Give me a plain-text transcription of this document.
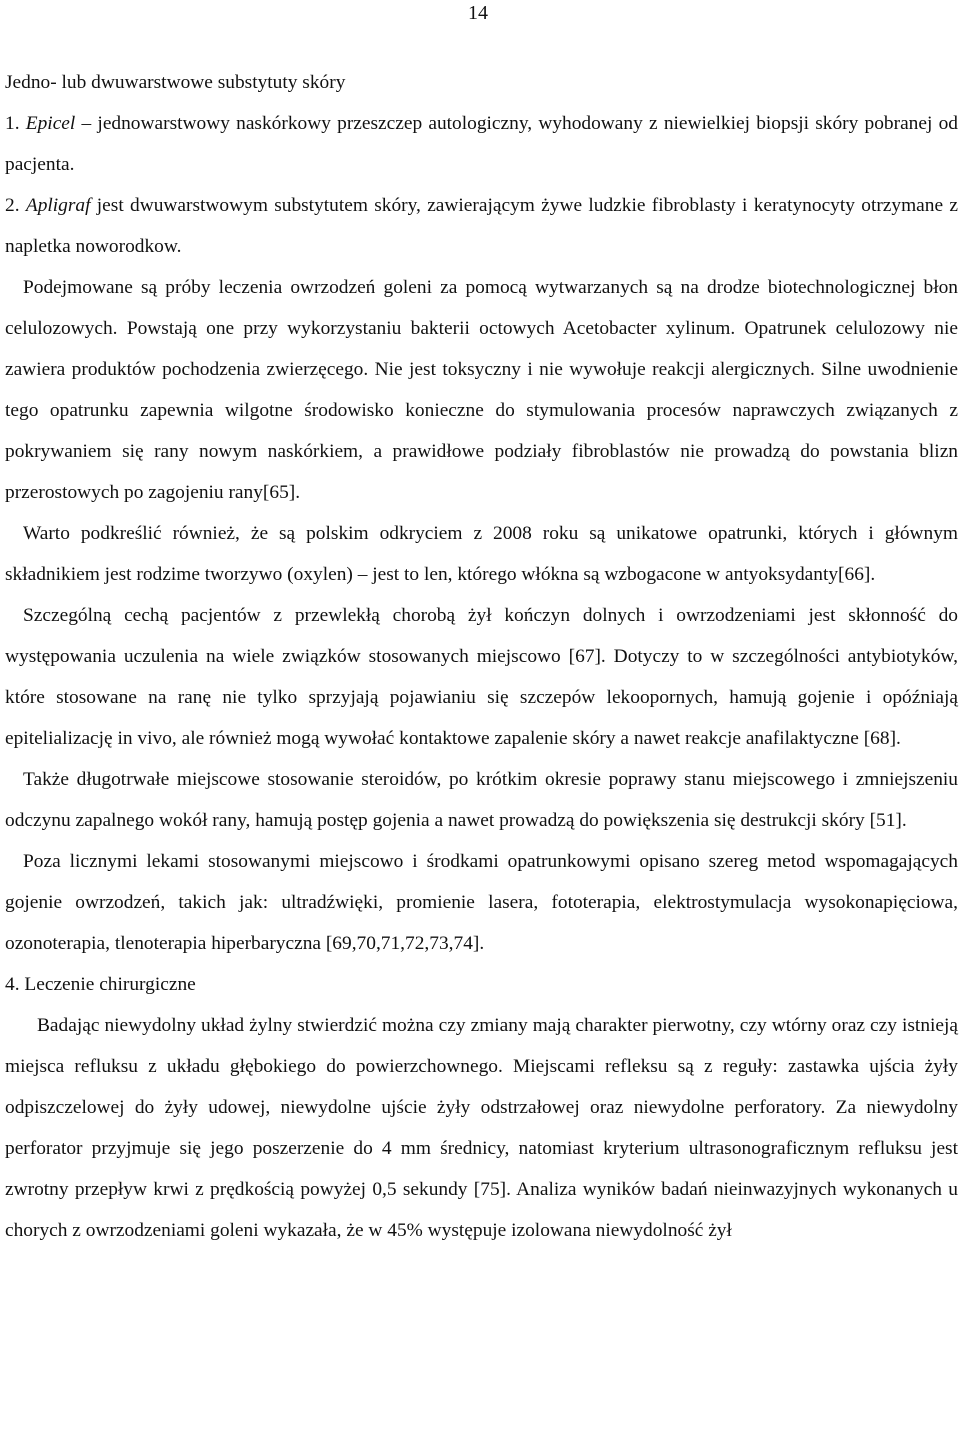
14

Jedno- lub dwuwarstwowe substytuty skóry

1. Epicel – jednowarstwowy naskórkowy przeszczep autologiczny, wyhodowany z niewielkiej biopsji skóry pobranej od pacjenta.

2. Apligraf jest dwuwarstwowym substytutem skóry, zawierającym żywe ludzkie fibroblasty i keratynocyty otrzymane z napletka noworodkow.

Podejmowane są próby leczenia owrzodzeń goleni za pomocą wytwarzanych są na drodze biotechnologicznej błon celulozowych. Powstają one przy wykorzystaniu bakterii octowych Acetobacter xylinum. Opatrunek celulozowy nie zawiera produktów pochodzenia zwierzęcego. Nie jest toksyczny i nie wywołuje reakcji alergicznych. Silne uwodnienie tego opatrunku zapewnia wilgotne środowisko konieczne do stymulowania procesów naprawczych związanych z pokrywaniem się rany nowym naskórkiem, a prawidłowe podziały fibroblastów nie prowadzą do powstania blizn przerostowych po zagojeniu rany[65].

Warto podkreślić również, że są polskim odkryciem z 2008 roku są unikatowe opatrunki, których i głównym składnikiem jest rodzime tworzywo (oxylen) – jest to len, którego włókna są wzbogacone w antyoksydanty[66].

Szczególną cechą pacjentów z przewlekłą chorobą żył kończyn dolnych i owrzodzeniami jest skłonność do występowania uczulenia na wiele związków stosowanych miejscowo [67]. Dotyczy to w szczególności antybiotyków, które stosowane na ranę nie tylko sprzyjają pojawianiu się szczepów lekoopornych, hamują gojenie i opóźniają epitelializację in vivo, ale również mogą wywołać kontaktowe zapalenie skóry a nawet reakcje anafilaktyczne [68].

Także długotrwałe miejscowe stosowanie steroidów, po krótkim okresie poprawy stanu miejscowego i zmniejszeniu odczynu zapalnego wokół rany, hamują postęp gojenia a nawet prowadzą do powiększenia się destrukcji skóry [51].

Poza licznymi lekami stosowanymi miejscowo i środkami opatrunkowymi opisano szereg metod wspomagających gojenie owrzodzeń, takich jak: ultradźwięki, promienie lasera, fototerapia, elektrostymulacja wysokonapięciowa, ozonoterapia, tlenoterapia hiperbaryczna [69,70,71,72,73,74].

4. Leczenie chirurgiczne

Badając niewydolny układ żylny stwierdzić można czy zmiany mają charakter pierwotny, czy wtórny oraz czy istnieją miejsca refluksu z układu głębokiego do powierzchownego. Miejscami refleksu są z reguły: zastawka ujścia żyły odpiszczelowej do żyły udowej, niewydolne ujście żyły odstrzałowej oraz niewydolne perforatory. Za niewydolny perforator przyjmuje się jego poszerzenie do 4 mm średnicy, natomiast kryterium ultrasonograficznym refluksu jest zwrotny przepływ krwi z prędkością powyżej 0,5 sekundy [75]. Analiza wyników badań nieinwazyjnych wykonanych u chorych z owrzodzeniami goleni wykazała, że w 45% występuje izolowana niewydolność żył
